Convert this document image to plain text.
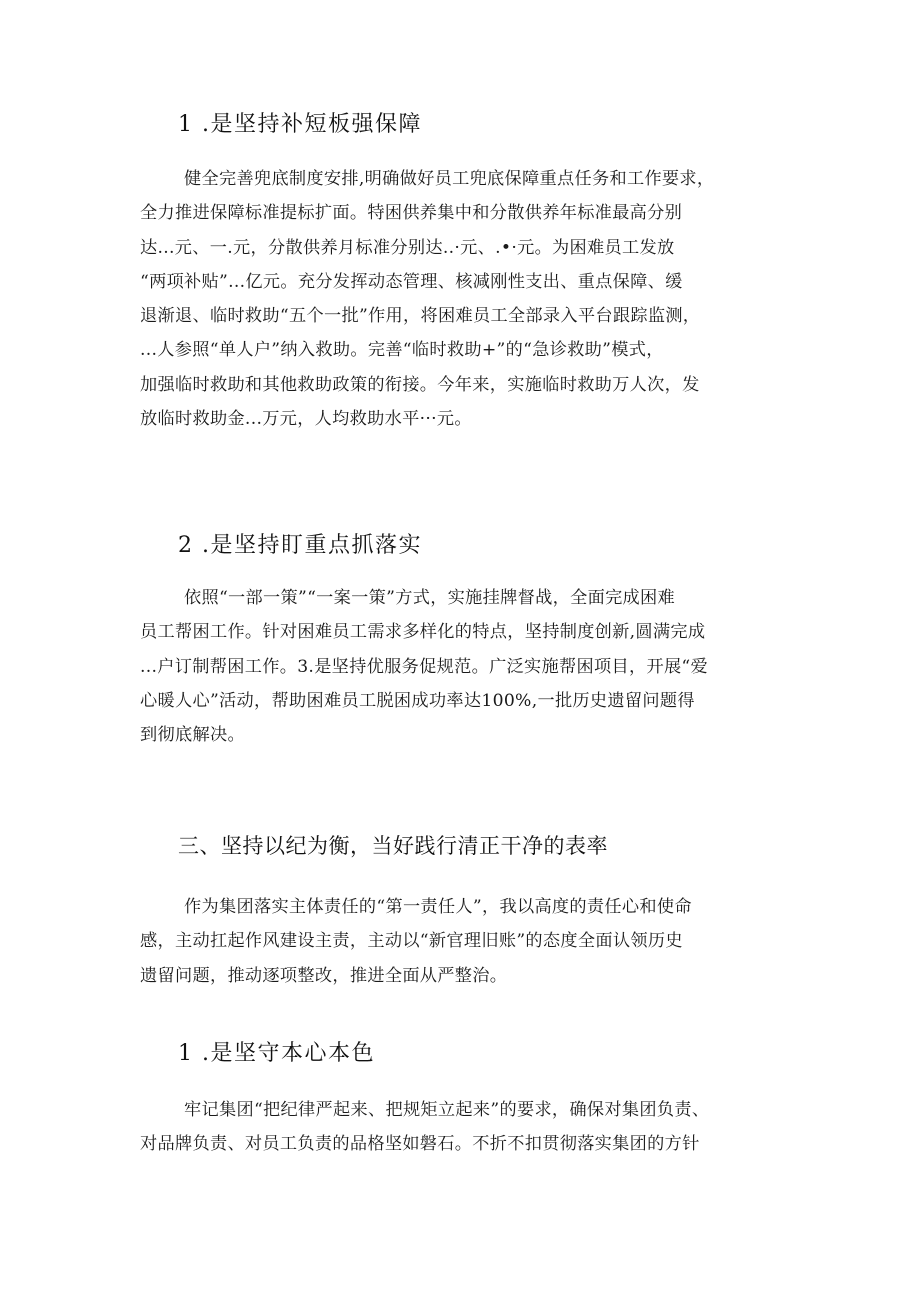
1 .是坚持补短板强保障
健全完善兜底制度安排,明确做好员工兜底保障重点任务和工作要求，
全力推进保障标准提标扩面。特困供养集中和分散供养年标准最高分别
达...元、一.元，分散供养月标准分别达..·元、.•·元。为困难员工发放
“两项补贴”...亿元。充分发挥动态管理、核减刚性支出、重点保障、缓
退渐退、临时救助“五个一批”作用，将困难员工全部录入平台跟踪监测，
...人参照“单人户”纳入救助。完善“临时救助+”的“急诊救助”模式，
加强临时救助和其他救助政策的衔接。今年来，实施临时救助万人次，发
放临时救助金...万元，人均救助水平···元。
2 .是坚持盯重点抓落实
依照“一部一策”“一案一策”方式，实施挂牌督战，全面完成困难
员工帮困工作。针对困难员工需求多样化的特点，坚持制度创新,圆满完成
...户订制帮困工作。3.是坚持优服务促规范。广泛实施帮困项目，开展“爱
心暖人心”活动，帮助困难员工脱困成功率达100%,一批历史遗留问题得
到彻底解决。
三、坚持以纪为衡，当好践行清正干净的表率
作为集团落实主体责任的“第一责任人”，我以高度的责任心和使命
感，主动扛起作风建设主责，主动以“新官理旧账”的态度全面认领历史
遗留问题，推动逐项整改，推进全面从严整治。
1 .是坚守本心本色
牢记集团“把纪律严起来、把规矩立起来”的要求，确保对集团负责、
对品牌负责、对员工负责的品格坚如磐石。不折不扣贯彻落实集团的方针
